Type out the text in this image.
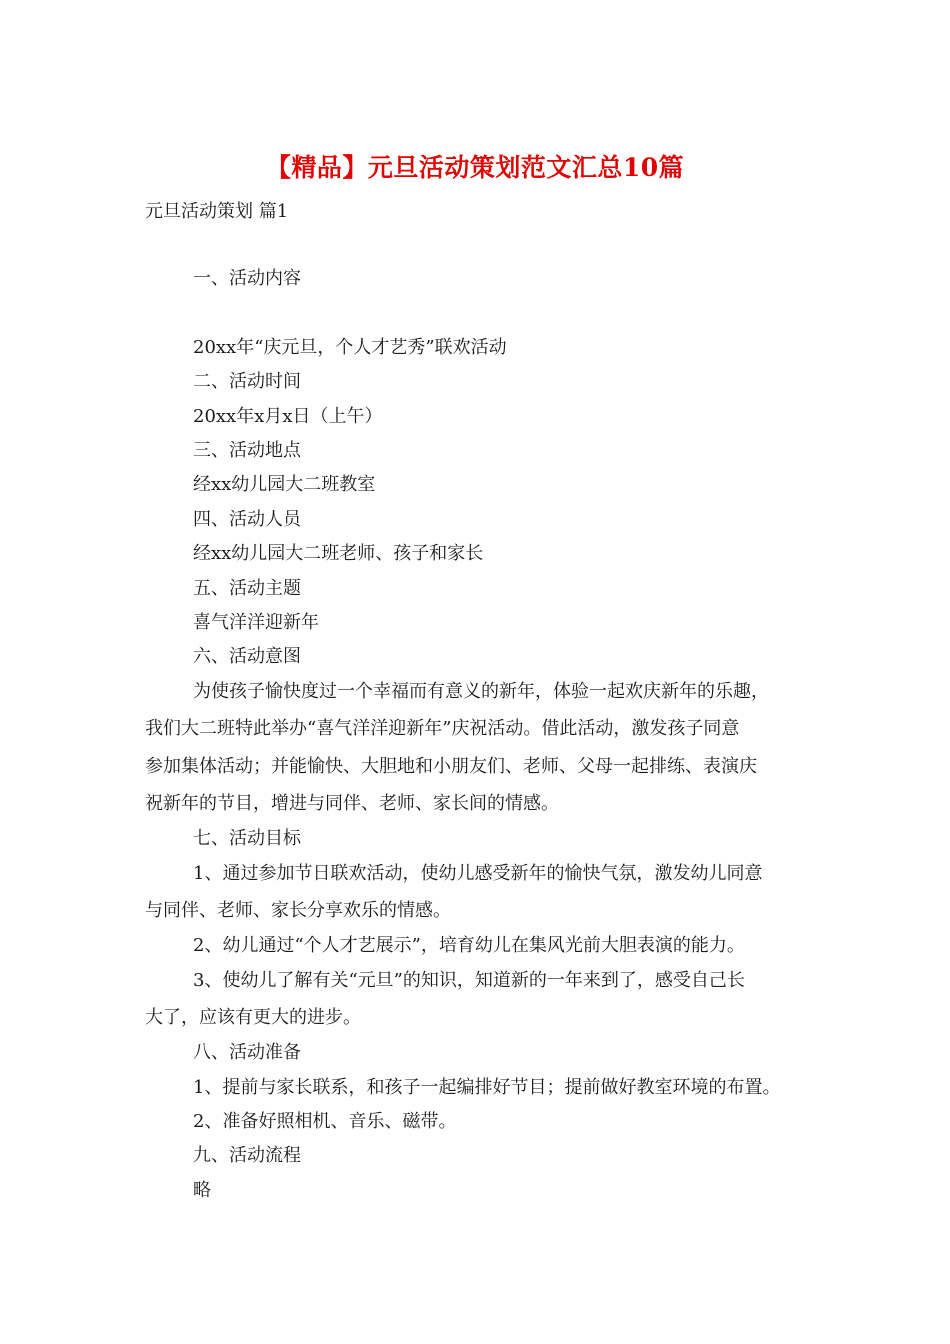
【精品】元旦活动策划范文汇总10篇
元旦活动策划 篇1
一、活动内容
20xx年“庆元旦，个人才艺秀”联欢活动
二、活动时间
20xx年x月x日（上午）
三、活动地点
经xx幼儿园大二班教室
四、活动人员
经xx幼儿园大二班老师、孩子和家长
五、活动主题
喜气洋洋迎新年
六、活动意图
为使孩子愉快度过一个幸福而有意义的新年，体验一起欢庆新年的乐趣，
我们大二班特此举办“喜气洋洋迎新年”庆祝活动。借此活动，激发孩子同意
参加集体活动；并能愉快、大胆地和小朋友们、老师、父母一起排练、表演庆
祝新年的节目，增进与同伴、老师、家长间的情感。
七、活动目标
1、通过参加节日联欢活动，使幼儿感受新年的愉快气氛，激发幼儿同意
与同伴、老师、家长分享欢乐的情感。
2、幼儿通过“个人才艺展示”，培育幼儿在集风光前大胆表演的能力。
3、使幼儿了解有关“元旦”的知识，知道新的一年来到了，感受自己长
大了，应该有更大的进步。
八、活动准备
1、提前与家长联系，和孩子一起编排好节目；提前做好教室环境的布置。
2、准备好照相机、音乐、磁带。
九、活动流程
略
